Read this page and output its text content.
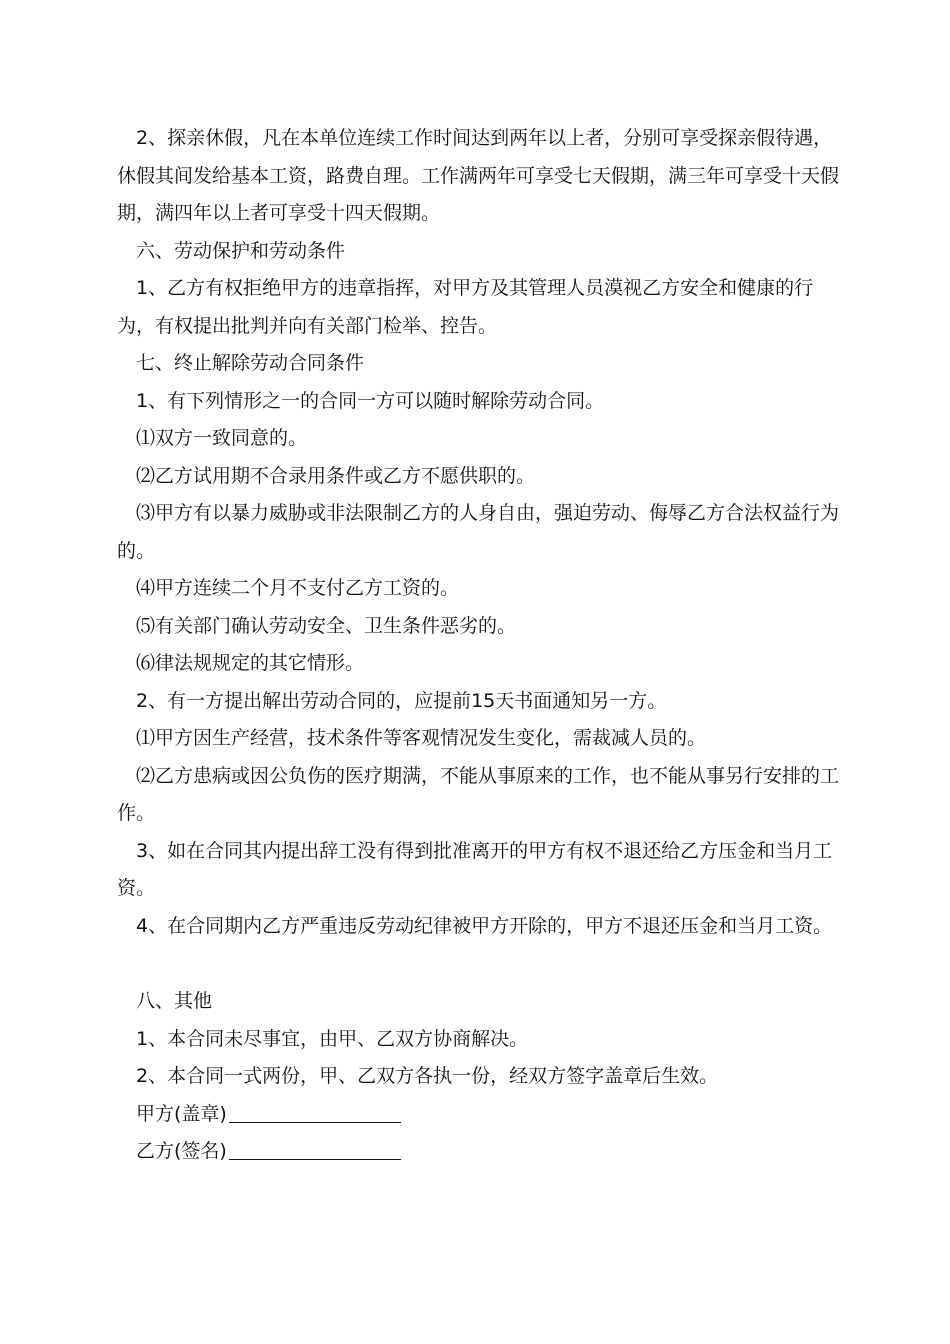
2、探亲休假，凡在本单位连续工作时间达到两年以上者，分别可享受探亲假待遇，休假其间发给基本工资，路费自理。工作满两年可享受七天假期，满三年可享受十天假期，满四年以上者可享受十四天假期。

六、劳动保护和劳动条件

1、乙方有权拒绝甲方的违章指挥，对甲方及其管理人员漠视乙方安全和健康的行为，有权提出批判并向有关部门检举、控告。

七、终止解除劳动合同条件

1、有下列情形之一的合同一方可以随时解除劳动合同。

⑴双方一致同意的。

⑵乙方试用期不合录用条件或乙方不愿供职的。

⑶甲方有以暴力威胁或非法限制乙方的人身自由，强迫劳动、侮辱乙方合法权益行为的。

⑷甲方连续二个月不支付乙方工资的。

⑸有关部门确认劳动安全、卫生条件恶劣的。

⑹律法规规定的其它情形。

2、有一方提出解出劳动合同的，应提前15天书面通知另一方。

⑴甲方因生产经营，技术条件等客观情况发生变化，需裁减人员的。

⑵乙方患病或因公负伤的医疗期满，不能从事原来的工作，也不能从事另行安排的工作。

3、如在合同其内提出辞工没有得到批准离开的甲方有权不退还给乙方压金和当月工资。

4、在合同期内乙方严重违反劳动纪律被甲方开除的，甲方不退还压金和当月工资。

八、其他

1、本合同未尽事宜，由甲、乙双方协商解决。

2、本合同一式两份，甲、乙双方各执一份，经双方签字盖章后生效。

甲方(盖章)

乙方(签名)
